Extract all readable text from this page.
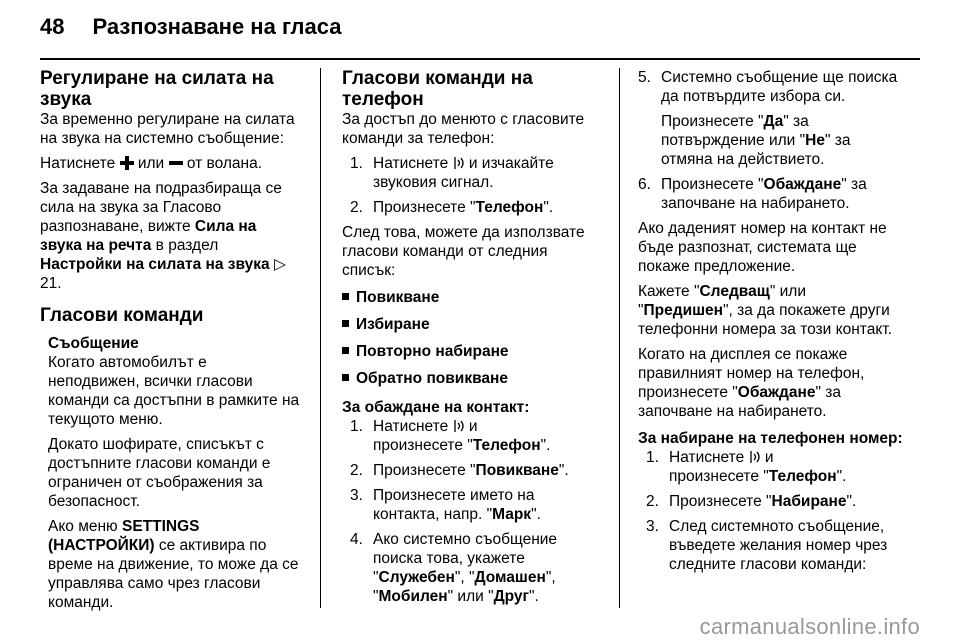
48 Разпознаване на гласа
Регулиране на силата на звука

За временно регулиране на силата на звука на системно съобщение:

Натиснете или от волана.

За задаване на подразбиращa се сила на звука за Гласово разпознаване, вижте Сила на звука на речта в раздел Настройки на силата на звука ▷ 21.

Гласови команди
Съобщение

Когато автомобилът е неподвижен, всички гласови команди са достъпни в рамките на текущото меню.

Докато шофирате, списъкът с достъпните гласови команди е ограничен от съображения за безопасност.

Ако меню SETTINGS (НАСТРОЙКИ) се активира по време на движение, то може да се управлява само чрез гласови команди.

Гласови команди на телефон

За достъп до менюто с гласовите команди за телефон:

1. Натиснете и изчакайте звуковия сигнал.
2. Произнесете "Телефон".

След това, можете да използвате гласови команди от следния списък:

Повикване
Избиране
Повторно набиране
Обратно повикване
За обаждане на контакт:
1. Натиснете и
произнесете "Телефон".
2. Произнесете "Повикване".
3. Произнесете името на контакта, напр. "Марк".
4. Ако системно съобщение поиска това, укажете "Служебен", "Домашен", "Мобилен" или "Друг".
5. Системно съобщение ще поиска да потвърдите избора си.

Произнесете "Да" за потвърждение или "Не" за отмяна на действието.

6. Произнесете "Обаждане" за започване на набирането.

Ако даденият номер на контакт не бъде разпознат, системата ще покаже предложение.

Кажете "Следващ" или "Предишен", за да покажете други телефонни номера за този контакт.

Когато на дисплея се покаже правилният номер на телефон, произнесете "Обаждане" за започване на набирането.

За набиране на телефонен номер:
1. Натиснете и
произнесете "Телефон".
2. Произнесете "Набиране".
3. След системното съобщение, въведете желания номер чрез следните гласови команди:
carmanualsonline.info
